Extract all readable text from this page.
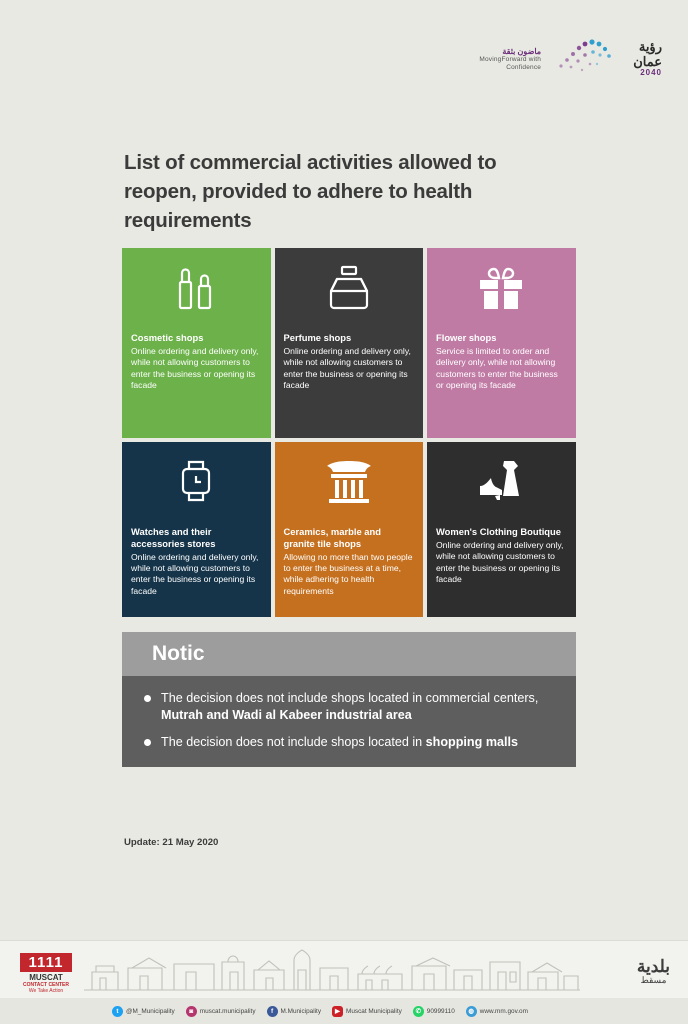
ماضون بثقة
MovingForward with Confidence
رؤية عمان
2040
List of commercial activities allowed to reopen, provided to adhere to health requirements
Cosmetic shops
Online ordering and delivery only, while not allowing customers to enter the business or opening its facade
Perfume shops
Online ordering and delivery only, while not allowing customers to enter the business or opening its facade
Flower shops
Service is limited to order and delivery only, while not allowing customers to enter the business or opening its facade
Watches and their accessories stores
Online ordering and delivery only, while not allowing customers to enter the business or opening its facade
Ceramics, marble and granite tile shops
Allowing no more than two people to enter the business at a time, while adhering to health requirements
Women's Clothing Boutique
Online ordering and delivery only, while not allowing customers to enter the business or opening its facade
Notic
The decision does not include shops located in commercial centers, Mutrah and Wadi al Kabeer industrial area
The decision does not include shops located in shopping malls
Update: 21 May 2020
1111
MUSCAT
CONTACT CENTER
We Take Action
t	@M_Municipality	◙	muscat.municipality	f	M.Municipality	▶ Muscat Municipality	✆ 90999110	◍ www.mm.gov.om
بلدية
مسقط
